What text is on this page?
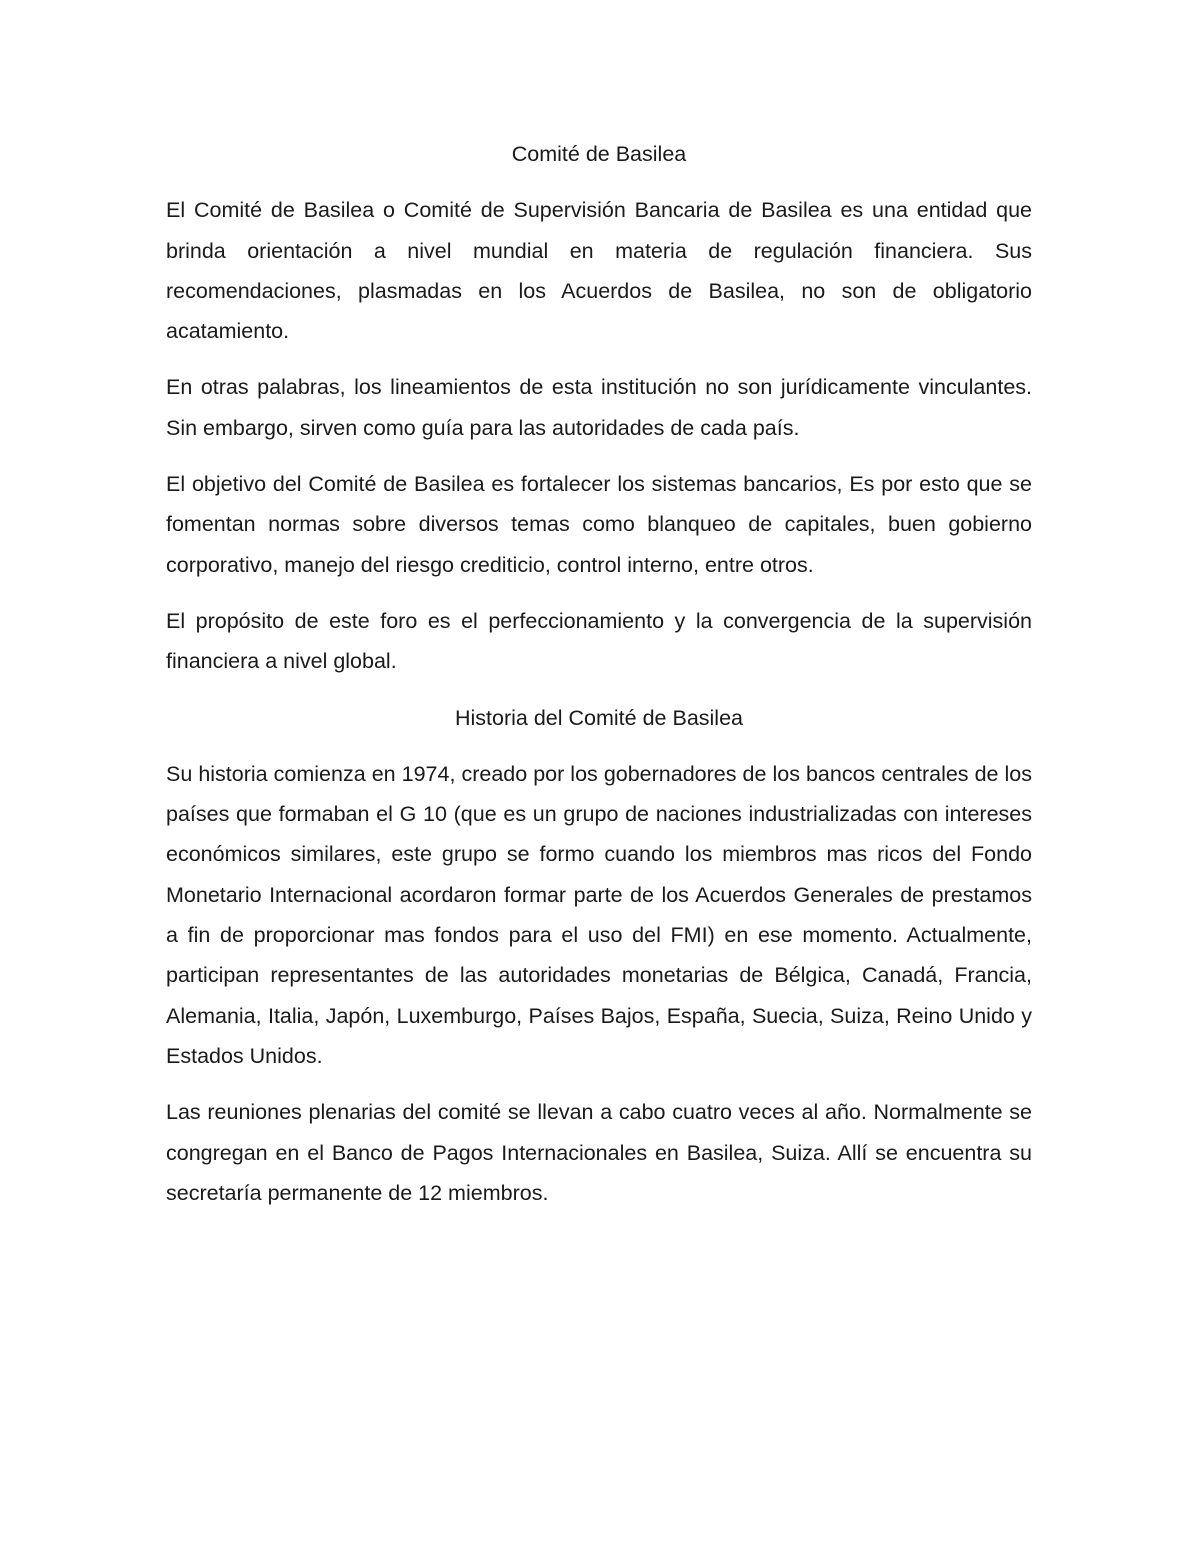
Comité de Basilea

El Comité de Basilea o Comité de Supervisión Bancaria de Basilea es una entidad que brinda orientación a nivel mundial en materia de regulación financiera. Sus recomendaciones, plasmadas en los Acuerdos de Basilea, no son de obligatorio acatamiento.

En otras palabras, los lineamientos de esta institución no son jurídicamente vinculantes. Sin embargo, sirven como guía para las autoridades de cada país.

El objetivo del Comité de Basilea es fortalecer los sistemas bancarios, Es por esto que se fomentan normas sobre diversos temas como blanqueo de capitales, buen gobierno corporativo, manejo del riesgo crediticio, control interno, entre otros.

El propósito de este foro es el perfeccionamiento y la convergencia de la supervisión financiera a nivel global.

Historia del Comité de Basilea

Su historia comienza en 1974, creado por los gobernadores de los bancos centrales de los países que formaban el G 10 (que es un grupo de naciones industrializadas con intereses económicos similares, este grupo se formo cuando los miembros mas ricos del Fondo Monetario Internacional acordaron formar parte de los Acuerdos Generales de prestamos a fin de proporcionar mas fondos para el uso del FMI) en ese momento. Actualmente, participan representantes de las autoridades monetarias de Bélgica, Canadá, Francia, Alemania, Italia, Japón, Luxemburgo, Países Bajos, España, Suecia, Suiza, Reino Unido y Estados Unidos.

Las reuniones plenarias del comité se llevan a cabo cuatro veces al año. Normalmente se congregan en el Banco de Pagos Internacionales en Basilea, Suiza. Allí se encuentra su secretaría permanente de 12 miembros.
